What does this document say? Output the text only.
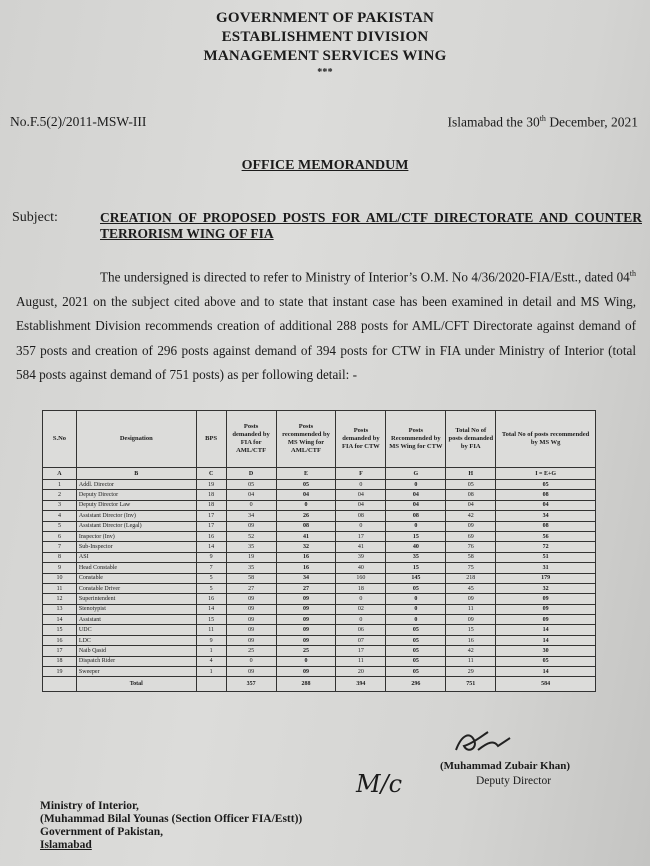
GOVERNMENT OF PAKISTAN
ESTABLISHMENT DIVISION
MANAGEMENT SERVICES WING
***
No.F.5(2)/2011-MSW-III	Islamabad the 30th December, 2021
OFFICE MEMORANDUM
Subject:	CREATION OF PROPOSED POSTS FOR AML/CTF DIRECTORATE AND COUNTER TERRORISM WING OF FIA
The undersigned is directed to refer to Ministry of Interior’s O.M. No 4/36/2020-FIA/Estt., dated 04th August, 2021 on the subject cited above and to state that instant case has been examined in detail and MS Wing, Establishment Division recommends creation of additional 288 posts for AML/CFT Directorate against demand of 357 posts and creation of 296 posts against demand of 394 posts for CTW in FIA under Ministry of Interior (total 584 posts against demand of 751 posts) as per following detail: -
S.No	Designation	BPS	Posts demanded by FIA for AML/CTF	Posts recommended by MS Wing for AML/CTF	Posts demanded by FIA for CTW	Posts Recommended by MS Wing for CTW	Total No of posts demanded by FIA	Total No of posts recommended by MS Wg
A	B	C	D	E	F	G	H	I = E+G
1	Addl. Director	19	05	05	0	0	05	05
2	Deputy Director	18	04	04	04	04	08	08
3	Deputy Director Law	18	0	0	04	04	04	04
4	Assistant Director (Inv)	17	34	26	08	08	42	34
5	Assistant Director (Legal)	17	09	08	0	0	09	08
6	Inspector (Inv)	16	52	41	17	15	69	56
7	Sub-Inspector	14	35	32	41	40	76	72
8	ASI	9	19	16	39	35	58	51
9	Head Constable	7	35	16	40	15	75	31
10	Constable	5	58	34	160	145	218	179
11	Constable Driver	5	27	27	18	05	45	32
12	Superintendent	16	09	09	0	0	09	09
13	Stenotypist	14	09	09	02	0	11	09
14	Assistant	15	09	09	0	0	09	09
15	UDC	11	09	09	06	05	15	14
16	LDC	9	09	09	07	05	16	14
17	Naib Qasid	1	25	25	17	05	42	30
18	Dispatch Rider	4	0	0	11	05	11	05
19	Sweeper	1	09	09	20	05	29	14
	Total		357	288	394	296	751	584
(Muhammad Zubair Khan)
Deputy Director
M/c
Ministry of Interior,
(Muhammad Bilal Younas (Section Officer FIA/Estt))
Government of Pakistan,
Islamabad
